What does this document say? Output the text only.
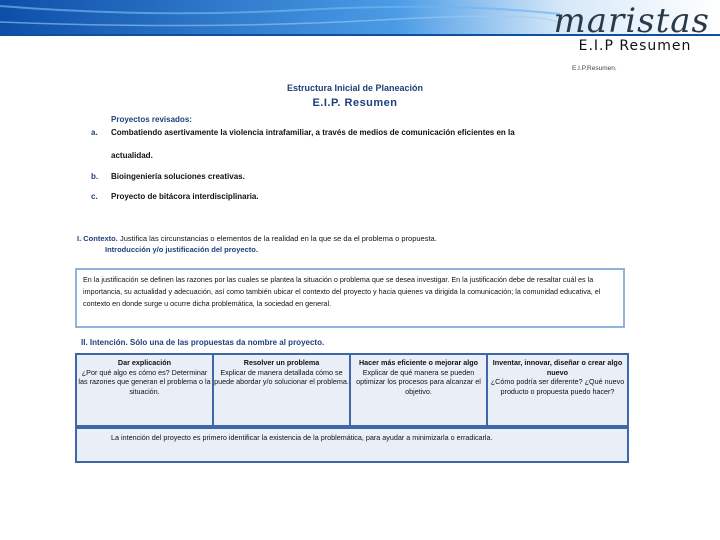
maristas
E.I.P Resumen
E.I.P.Resumen.
Estructura Inicial de Planeación
E.I.P. Resumen
Proyectos revisados:
a. Combatiendo asertivamente la violencia intrafamiliar, a través de medios de comunicación eficientes en la
actualidad.
b. Bioingeniería soluciones creativas.
c. Proyecto de bitácora interdisciplinaria.
I. Contexto. Justifica las circunstancias o elementos de la realidad en la que se da el problema o propuesta.
Introducción y/o justificación del proyecto.
En la justificación se definen las razones por las cuales se plantea la situación o problema que se desea investigar. En la justificación debe de resaltar cuál es la importancia, su actualidad y adecuación, así como también ubicar el contexto del proyecto y hacia quienes va dirigida la comunicación; la comunidad educativa, el contexto en donde surge u ocurre dicha problemática, la sociedad en general.
II. Intención. Sólo una de las propuestas da nombre al proyecto.
Dar explicación
¿Por qué algo es cómo es? Determinar las razones que generan el problema o la situación.
Resolver un problema
Explicar de manera detallada cómo se puede abordar y/o solucionar el problema.
Hacer más eficiente o mejorar algo
Explicar de qué manera se pueden optimizar los procesos para alcanzar el objetivo.
Inventar, innovar, diseñar o crear algo nuevo
¿Cómo podría ser diferente? ¿Qué nuevo producto o propuesta puedo hacer?
La intención del proyecto es primero identificar la existencia de la problemática, para ayudar a minimizarla o erradicarla.
